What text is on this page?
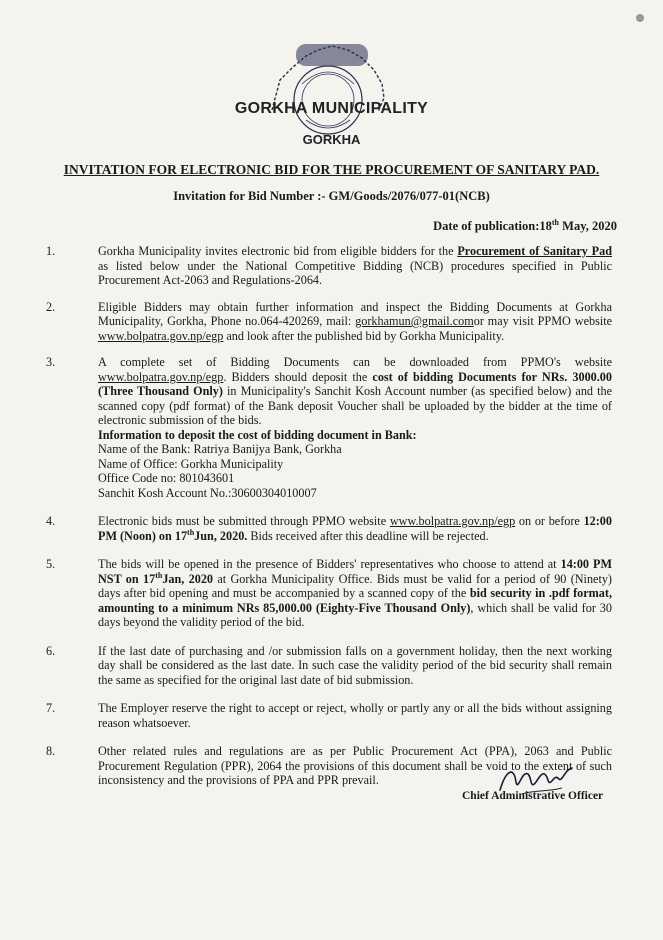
GORKHA MUNICIPALITY
GORKHA
INVITATION FOR ELECTRONIC BID FOR THE PROCUREMENT OF SANITARY PAD.
Invitation for Bid Number :- GM/Goods/2076/077-01(NCB)
Date of publication:18th May, 2020
1.	Gorkha Municipality invites electronic bid from eligible bidders for the Procurement of Sanitary Pad as listed below under the National Competitive Bidding (NCB) procedures specified in Public Procurement Act-2063 and Regulations-2064.
2.	Eligible Bidders may obtain further information and inspect the Bidding Documents at Gorkha Municipality, Gorkha, Phone no.064-420269, mail: gorkhamun@gmail.comor may visit PPMO website www.bolpatra.gov.np/egp and look after the published bid by Gorkha Municipality.
3.	A complete set of Bidding Documents can be downloaded from PPMO's website www.bolpatra.gov.np/egp. Bidders should deposit the cost of bidding Documents for NRs. 3000.00 (Three Thousand Only) in Municipality's Sanchit Kosh Account number (as specified below) and the scanned copy (pdf format) of the Bank deposit Voucher shall be uploaded by the bidder at the time of electronic submission of the bids.
Information to deposit the cost of bidding document in Bank:
Name of the Bank: Ratriya Banijya Bank, Gorkha
Name of Office: Gorkha Municipality
Office Code no: 801043601
Sanchit Kosh Account No.:30600304010007
4.	Electronic bids must be submitted through PPMO website www.bolpatra.gov.np/egp on or before 12:00 PM (Noon) on 17thJun, 2020. Bids received after this deadline will be rejected.
5.	The bids will be opened in the presence of Bidders' representatives who choose to attend at 14:00 PM NST on 17thJan, 2020 at Gorkha Municipality Office. Bids must be valid for a period of 90 (Ninety) days after bid opening and must be accompanied by a scanned copy of the bid security in .pdf format, amounting to a minimum NRs 85,000.00 (Eighty-Five Thousand Only), which shall be valid for 30 days beyond the validity period of the bid.
6.	If the last date of purchasing and /or submission falls on a government holiday, then the next working day shall be considered as the last date. In such case the validity period of the bid security shall remain the same as specified for the original last date of bid submission.
7.	The Employer reserve the right to accept or reject, wholly or partly any or all the bids without assigning reason whatsoever.
8.	Other related rules and regulations are as per Public Procurement Act (PPA), 2063 and Public Procurement Regulation (PPR), 2064 the provisions of this document shall be void to the extent of such inconsistency and the provisions of PPA and PPR prevail.
Chief Administrative Officer
